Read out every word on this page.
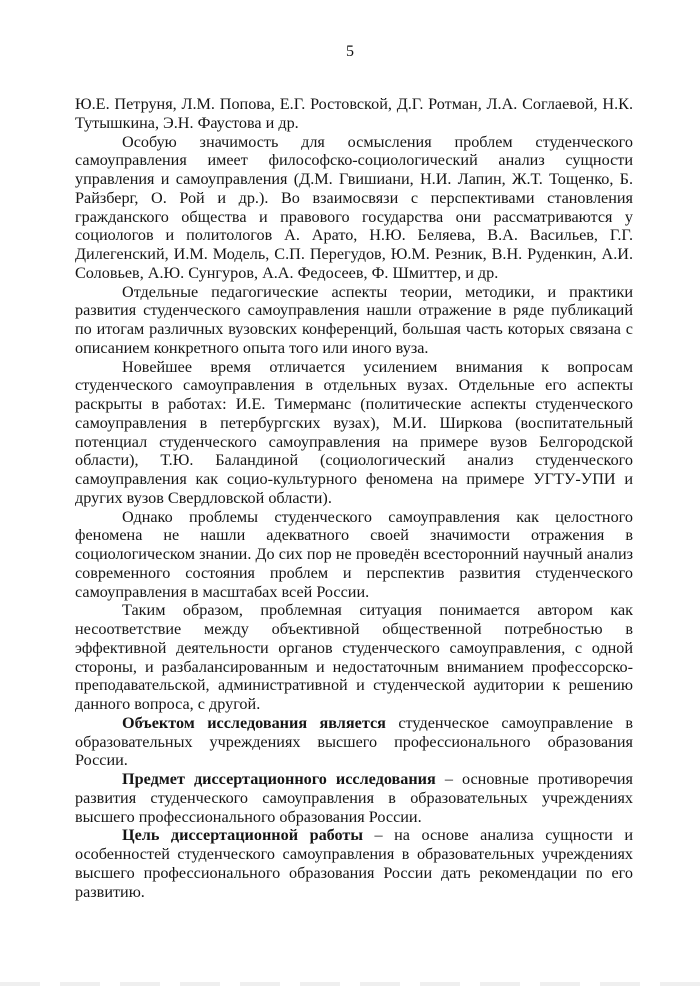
5

Ю.Е. Петруня, Л.М. Попова, Е.Г. Ростовской, Д.Г. Ротман, Л.А. Соглаевой, Н.К. Тутышкина, Э.Н. Фаустова и др.

Особую значимость для осмысления проблем студенческого самоуправления имеет философско-социологический анализ сущности управления и самоуправления (Д.М. Гвишиани, Н.И. Лапин, Ж.Т. Тощенко, Б. Райзберг, О. Рой и др.). Во взаимосвязи с перспективами становления гражданского общества и правового государства они рассматриваются у социологов и политологов А. Арато, Н.Ю. Беляева, В.А. Васильев, Г.Г. Дилегенский, И.М. Модель, С.П. Перегудов, Ю.М. Резник, В.Н. Руденкин, А.И. Соловьев, А.Ю. Сунгуров, А.А. Федосеев, Ф. Шмиттер, и др.

Отдельные педагогические аспекты теории, методики, и практики развития студенческого самоуправления нашли отражение в ряде публикаций по итогам различных вузовских конференций, большая часть которых связана с описанием конкретного опыта того или иного вуза.

Новейшее время отличается усилением внимания к вопросам студенческого самоуправления в отдельных вузах. Отдельные его аспекты раскрыты в работах: И.Е. Тимерманс (политические аспекты студенческого самоуправления в петербургских вузах), М.И. Ширкова (воспитательный потенциал студенческого самоуправления на примере вузов Белгородской области), Т.Ю. Баландиной (социологический анализ студенческого самоуправления как социо-культурного феномена на примере УГТУ-УПИ и других вузов Свердловской области).

Однако проблемы студенческого самоуправления как целостного феномена не нашли адекватного своей значимости отражения в социологическом знании. До сих пор не проведён всесторонний научный анализ современного состояния проблем и перспектив развития студенческого самоуправления в масштабах всей России.

Таким образом, проблемная ситуация понимается автором как несоответствие между объективной общественной потребностью в эффективной деятельности органов студенческого самоуправления, с одной стороны, и разбалансированным и недостаточным вниманием профессорско-преподавательской, административной и студенческой аудитории к решению данного вопроса, с другой.

Объектом исследования является студенческое самоуправление в образовательных учреждениях высшего профессионального образования России.

Предмет диссертационного исследования – основные противоречия развития студенческого самоуправления в образовательных учреждениях высшего профессионального образования России.

Цель диссертационной работы – на основе анализа сущности и особенностей студенческого самоуправления в образовательных учреждениях высшего профессионального образования России дать рекомендации по его развитию.
